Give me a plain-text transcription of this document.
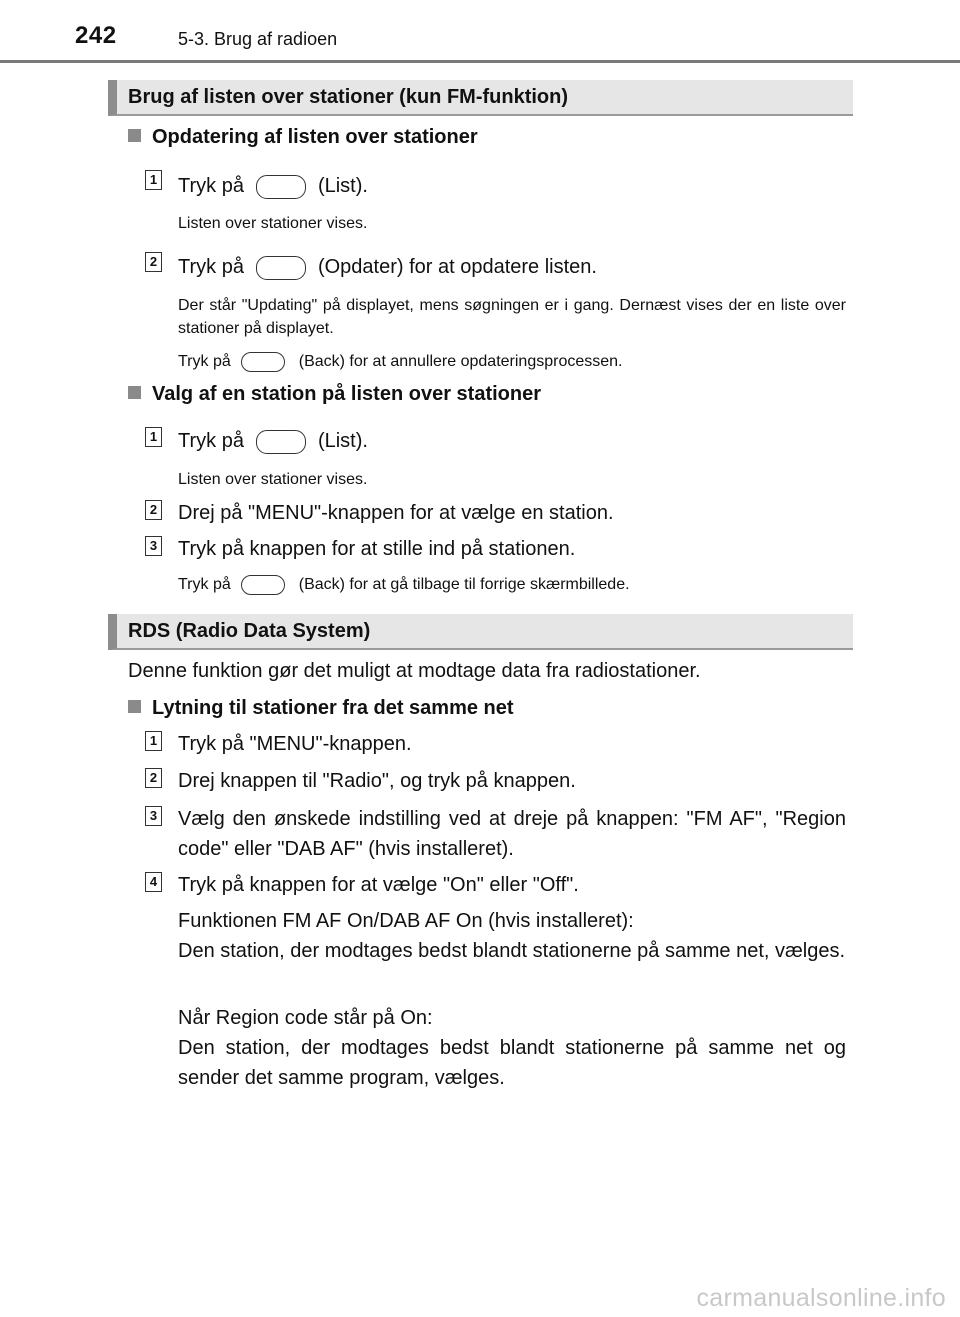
242	5-3. Brug af radioen
Brug af listen over stationer (kun FM-funktion)
Opdatering af listen over stationer
1 Tryk på	(List).
Listen over stationer vises.
2 Tryk på	(Opdater) for at opdatere listen.
Der står "Updating" på displayet, mens søgningen er i gang. Dernæst vises der en liste over stationer på displayet.
Tryk på	(Back) for at annullere opdateringsprocessen.
Valg af en station på listen over stationer
1 Tryk på	(List).
Listen over stationer vises.
2 Drej på "MENU"-knappen for at vælge en station.
3 Tryk på knappen for at stille ind på stationen.
Tryk på	(Back) for at gå tilbage til forrige skærmbillede.
RDS (Radio Data System)
Denne funktion gør det muligt at modtage data fra radiostationer.
Lytning til stationer fra det samme net
1 Tryk på "MENU"-knappen.
2 Drej knappen til "Radio", og tryk på knappen.
3 Vælg den ønskede indstilling ved at dreje på knappen: "FM AF", "Region code" eller "DAB AF" (hvis installeret).
4 Tryk på knappen for at vælge "On" eller "Off".
Funktionen FM AF On/DAB AF On (hvis installeret):
Den station, der modtages bedst blandt stationerne på samme net, vælges.
Når Region code står på On:
Den station, der modtages bedst blandt stationerne på samme net og sender det samme program, vælges.
carmanualsonline.info
